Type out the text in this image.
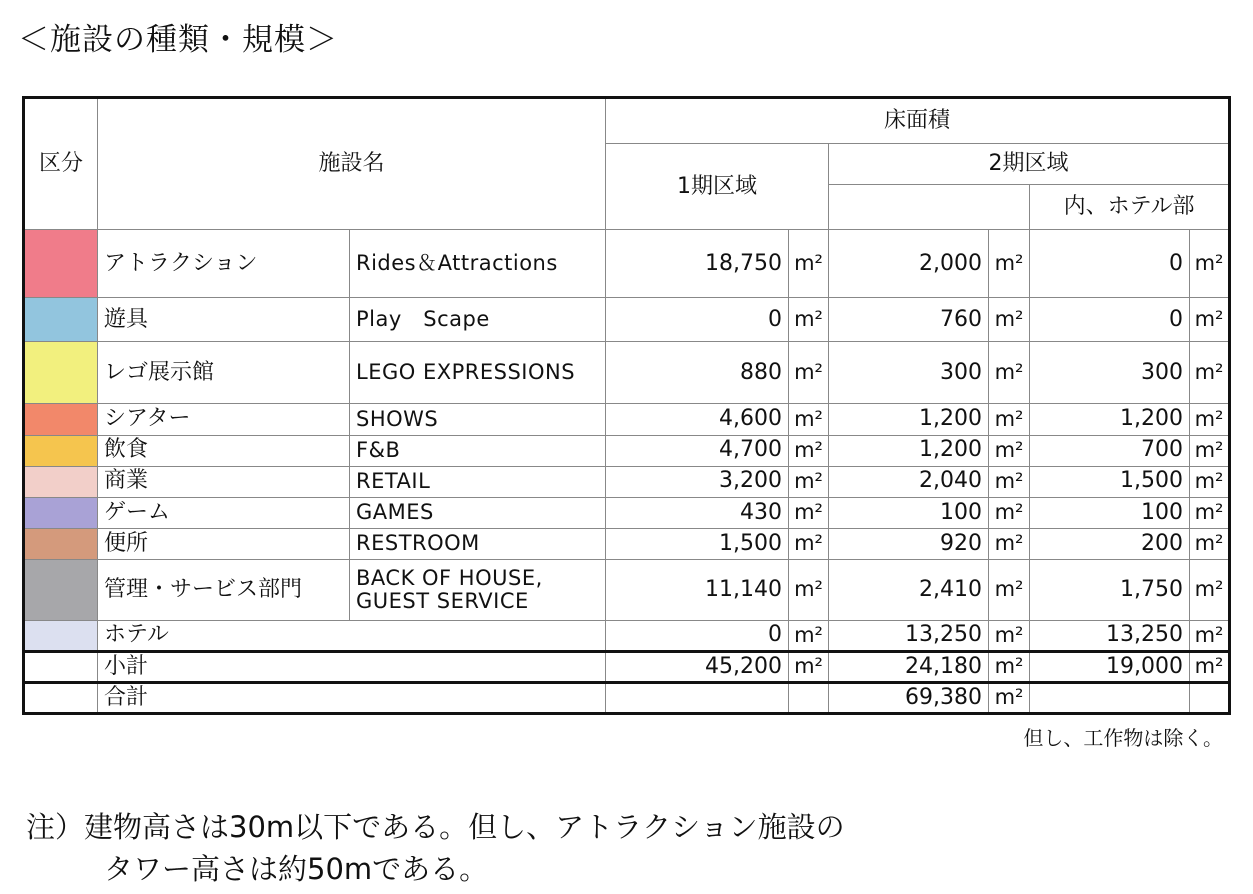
＜施設の種類・規模＞
区分	施設名		床面積					
			1期区域		2期区域			
							内、ホテル部	
	アトラクション	Rides＆Attractions	18,750	m²	2,000	m²	0	m²
	遊具	Play　Scape	0	m²	760	m²	0	m²
	レゴ展示館	LEGO EXPRESSIONS	880	m²	300	m²	300	m²
	シアター	SHOWS	4,600	m²	1,200	m²	1,200	m²
	飲食	F&B	4,700	m²	1,200	m²	700	m²
	商業	RETAIL	3,200	m²	2,040	m²	1,500	m²
	ゲーム	GAMES	430	m²	100	m²	100	m²
	便所	RESTROOM	1,500	m²	920	m²	200	m²
	管理・サービス部門	BACK OF HOUSE, GUEST SERVICE	11,140	m²	2,410	m²	1,750	m²
	ホテル		0	m²	13,250	m²	13,250	m²
	小計		45,200	m²	24,180	m²	19,000	m²
	合計				69,380	m²		
但し、工作物は除く。
注）建物高さは30m以下である。但し、アトラクション施設の
タワー高さは約50mである。
